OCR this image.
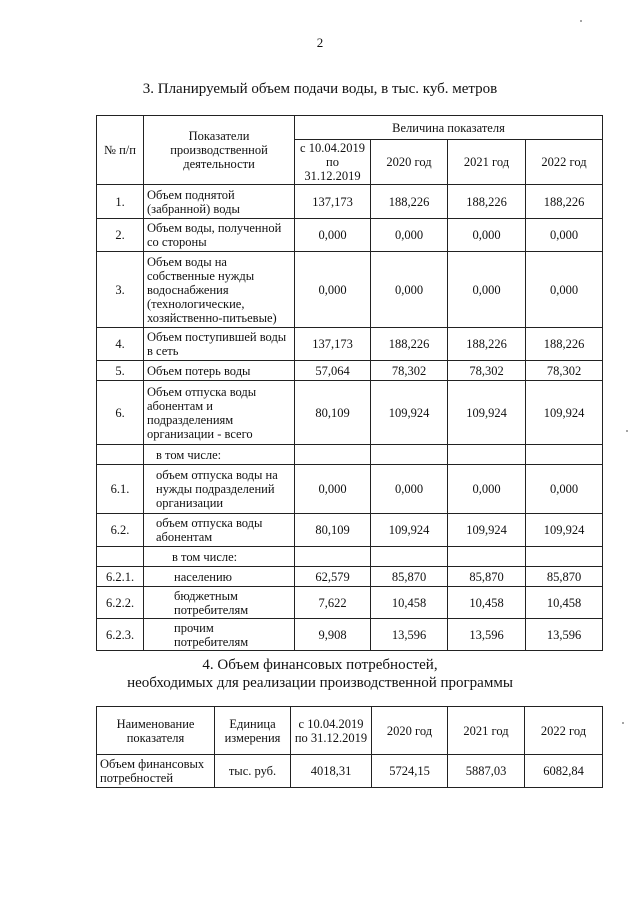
2
3. Планируемый объем подачи воды, в тыс. куб. метров
№ п/п	Показатели производственной деятельности	Величина показателя			
		с 10.04.2019 по 31.12.2019	2020 год	2021 год	2022 год
1.	Объем поднятой (забранной) воды	137,173	188,226	188,226	188,226
2.	Объем воды, полученной со стороны	0,000	0,000	0,000	0,000
3.	Объем воды на собственные нужды водоснабжения (технологические, хозяйственно-питьевые)	0,000	0,000	0,000	0,000
4.	Объем поступившей воды в сеть	137,173	188,226	188,226	188,226
5.	Объем потерь воды	57,064	78,302	78,302	78,302
6.	Объем отпуска воды абонентам и подразделениям организации - всего	80,109	109,924	109,924	109,924
	в том числе:				
6.1.	объем отпуска воды на нужды подразделений организации	0,000	0,000	0,000	0,000
6.2.	объем отпуска воды абонентам	80,109	109,924	109,924	109,924
	в том числе:				
6.2.1.	населению	62,579	85,870	85,870	85,870
6.2.2.	бюджетным потребителям	7,622	10,458	10,458	10,458
6.2.3.	прочим потребителям	9,908	13,596	13,596	13,596
4. Объем финансовых потребностей,
необходимых для реализации производственной программы
Наименование показателя	Единица измерения	с 10.04.2019 по 31.12.2019	2020 год	2021 год	2022 год
Объем финансовых потребностей	тыс. руб.	4018,31	5724,15	5887,03	6082,84
